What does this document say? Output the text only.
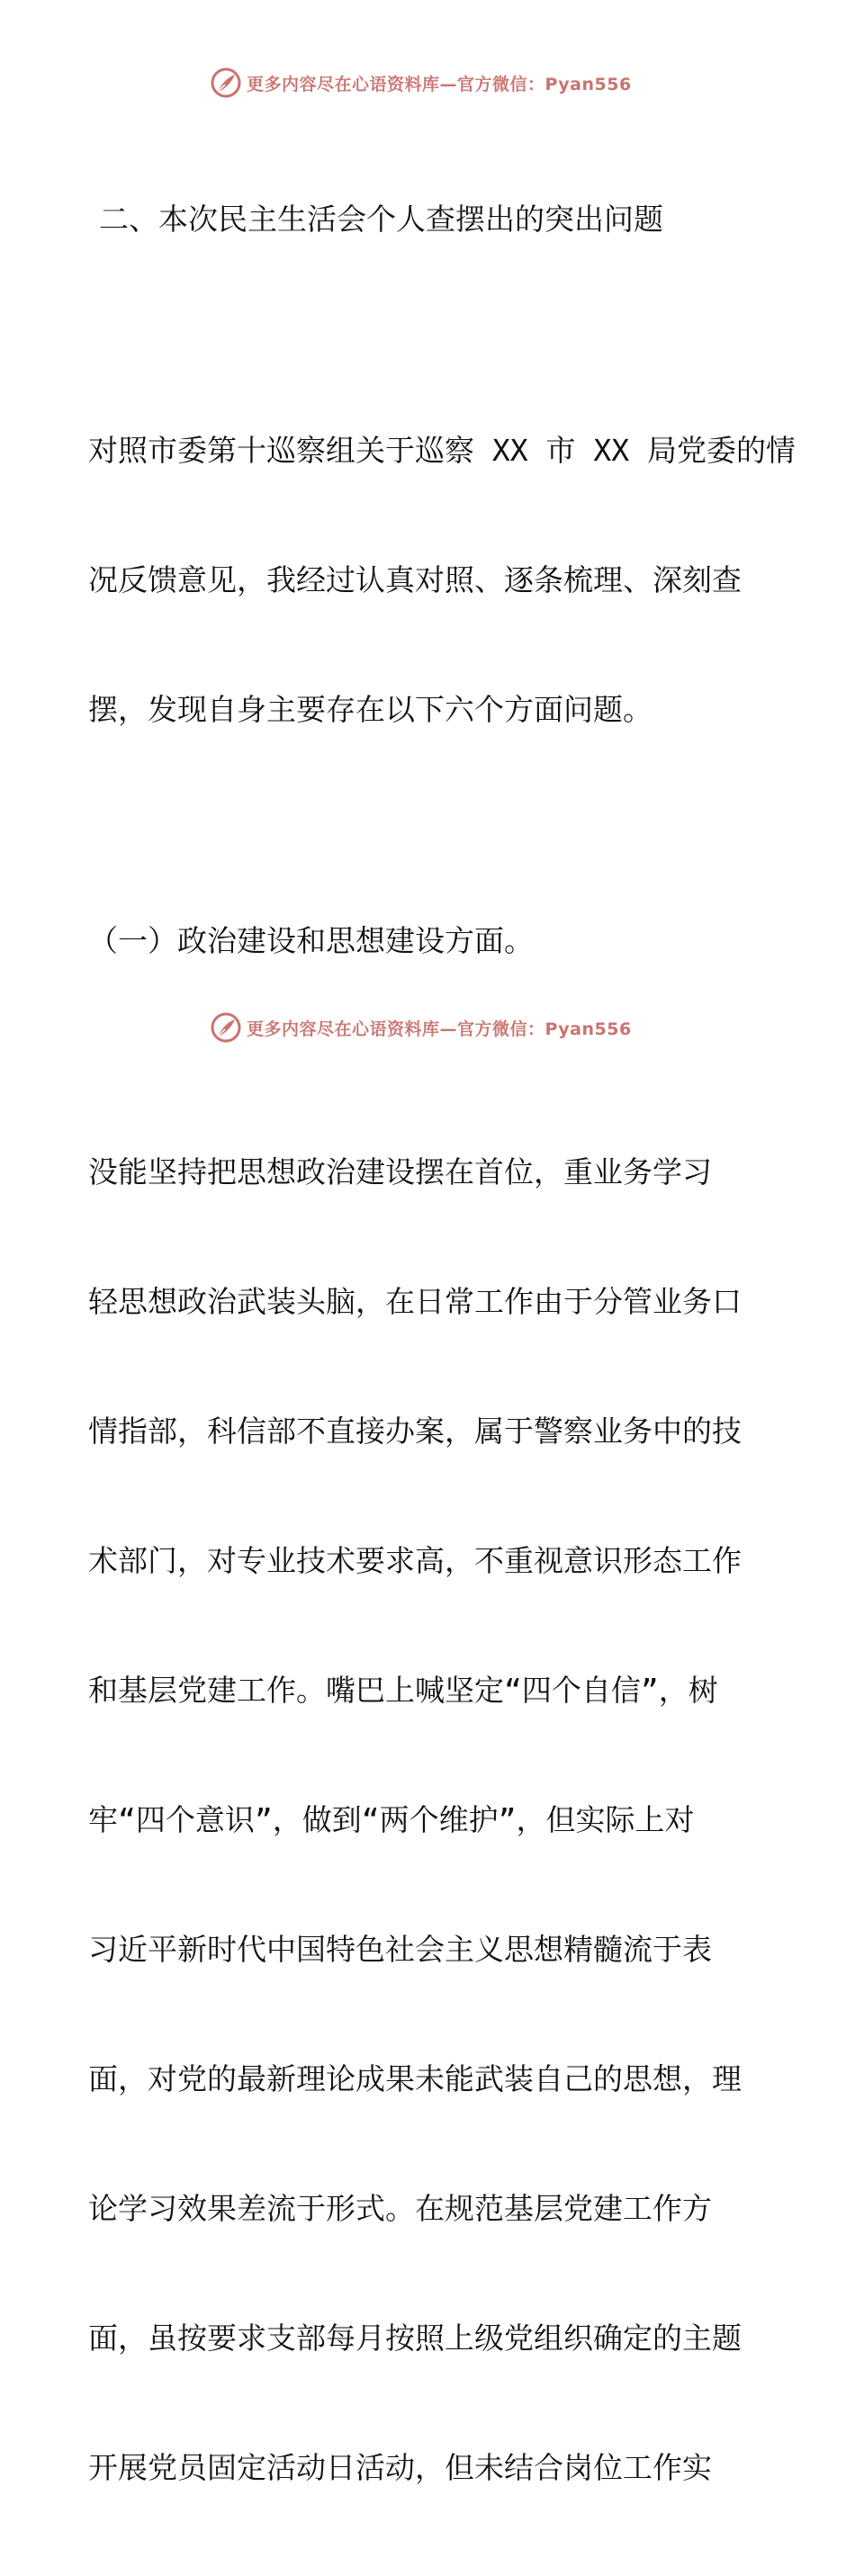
更多内容尽在心语资料库—官方微信：Pyan556

二、本次民主生活会个人查摆出的突出问题

对照市委第十巡察组关于巡察 XX 市 XX 局党委的情

况反馈意见，我经过认真对照、逐条梳理、深刻查

摆，发现自身主要存在以下六个方面问题。

（一）政治建设和思想建设方面。

没能坚持把思想政治建设摆在首位，重业务学习

轻思想政治武装头脑，在日常工作由于分管业务口

情指部，科信部不直接办案，属于警察业务中的技

术部门，对专业技术要求高，不重视意识形态工作

和基层党建工作。嘴巴上喊坚定“四个自信”，树

牢“四个意识”，做到“两个维护”，但实际上对

习近平新时代中国特色社会主义思想精髓流于表

面，对党的最新理论成果未能武装自己的思想，理

论学习效果差流于形式。在规范基层党建工作方

面，虽按要求支部每月按照上级党组织确定的主题

开展党员固定活动日活动，但未结合岗位工作实

更多内容尽在心语资料库—官方微信：Pyan556
